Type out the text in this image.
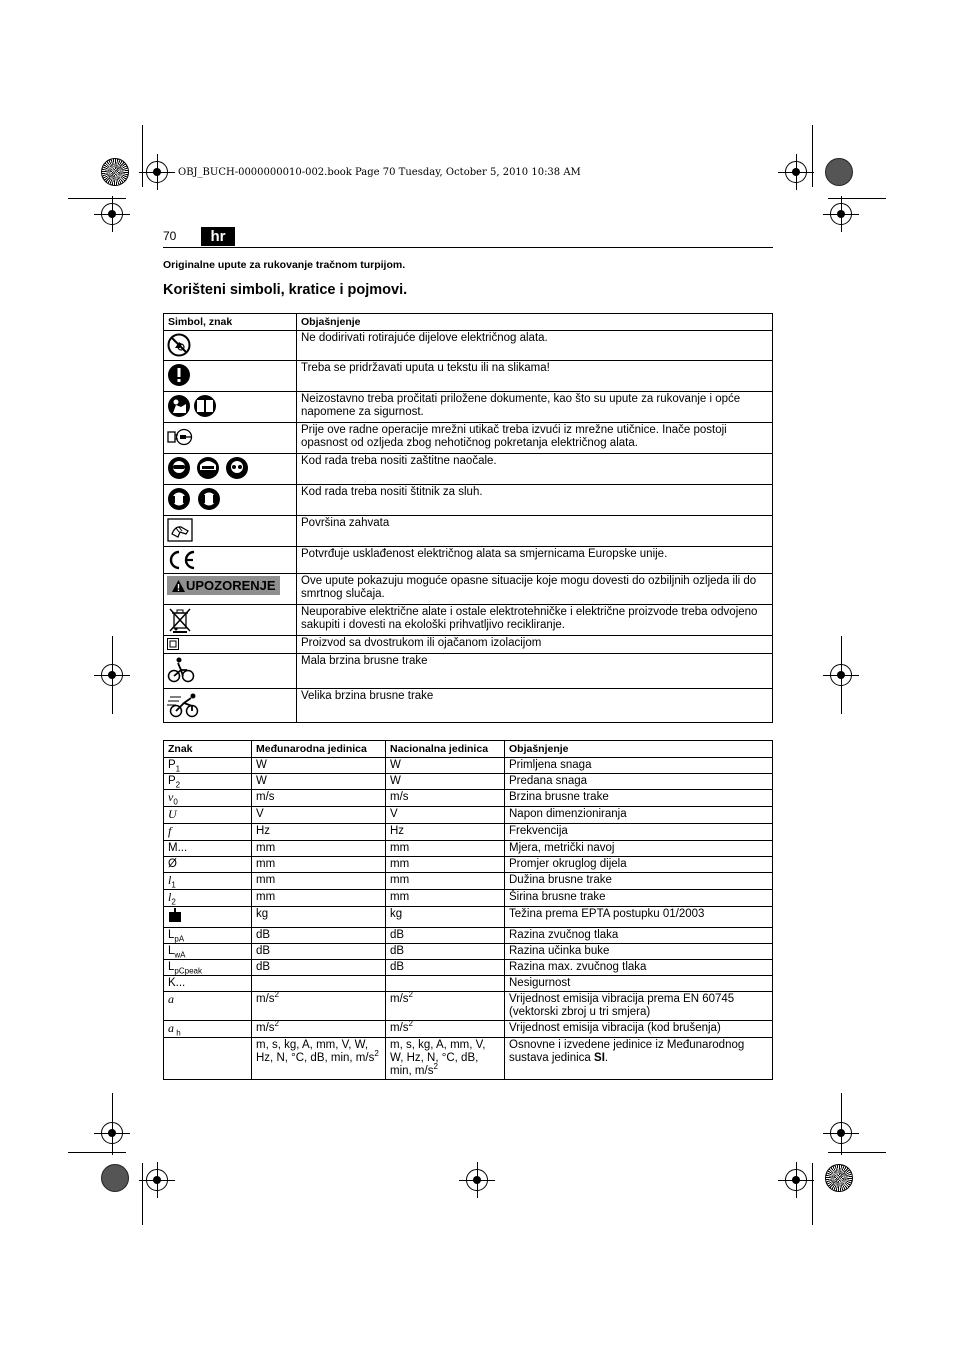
OBJ_BUCH-0000000010-002.book Page 70 Tuesday, October 5, 2010 10:38 AM
70	hr
Originalne upute za rukovanje tračnom turpijom.
Korišteni simboli, kratice i pojmovi.
Simbol, znak	Objašnjenje
	Ne dodirivati rotirajuće dijelove električnog alata.
	Treba se pridržavati uputa u tekstu ili na slikama!
	Neizostavno treba pročitati priložene dokumente, kao što su upute za rukovanje i opće napomene za sigurnost.
	Prije ove radne operacije mrežni utikač treba izvući iz mrežne utičnice. Inače postoji opasnost od ozljeda zbog nehotičnog pokretanja električnog alata.
	Kod rada treba nositi zaštitne naočale.
	Kod rada treba nositi štitnik za sluh.
	Površina zahvata
	Potvrđuje usklađenost električnog alata sa smjernicama Europske unije.

UPOZORENJE	Ove upute pokazuju moguće opasne situacije koje mogu dovesti do ozbiljnih ozljeda ili do smrtnog slučaja.
	Neuporabive električne alate i ostale elektrotehničke i električne proizvode treba odvojeno sakupiti i dovesti na ekološki prihvatljivo recikliranje.
	Proizvod sa dvostrukom ili ojačanom izolacijom
	Mala brzina brusne trake
	Velika brzina brusne trake
Znak	Međunarodna jedinica	Nacionalna jedinica	Objašnjenje
$P_1$	W	W	Primljena snaga
$P_2$	W	W	Predana snaga
$v_0$	m/s	m/s	Brzina brusne trake
U	V	V	Napon dimenzioniranja
f	Hz	Hz	Frekvencija
M...	mm	mm	Mjera, metrički navoj
Ø	mm	mm	Promjer okruglog dijela
$l_1$	mm	mm	Dužina brusne trake
$l_2$	mm	mm	Širina brusne trake
	kg	kg	Težina prema EPTA postupku 01/2003
$L_{pA}$	dB	dB	Razina zvučnog tlaka
$L_{wA}$	dB	dB	Razina učinka buke
$L_{pCpeak}$	dB	dB	Razina max. zvučnog tlaka
K...			Nesigurnost
a	$m/s^2$	$m/s^2$	Vrijednost emisija vibracija prema EN 60745 (vektorski zbroj u tri smjera)
a $_h$	$m/s^2$	$m/s^2$	Vrijednost emisija vibracija (kod brušenja)
	m, s, kg, A, mm, V, W, Hz, N, °C, dB, min, $m/s^2$	m, s, kg, A, mm, V, W, Hz, N, °C, dB, min, $m/s^2$	Osnovne i izvedene jedinice iz Međunarodnog sustava jedinica SI.
